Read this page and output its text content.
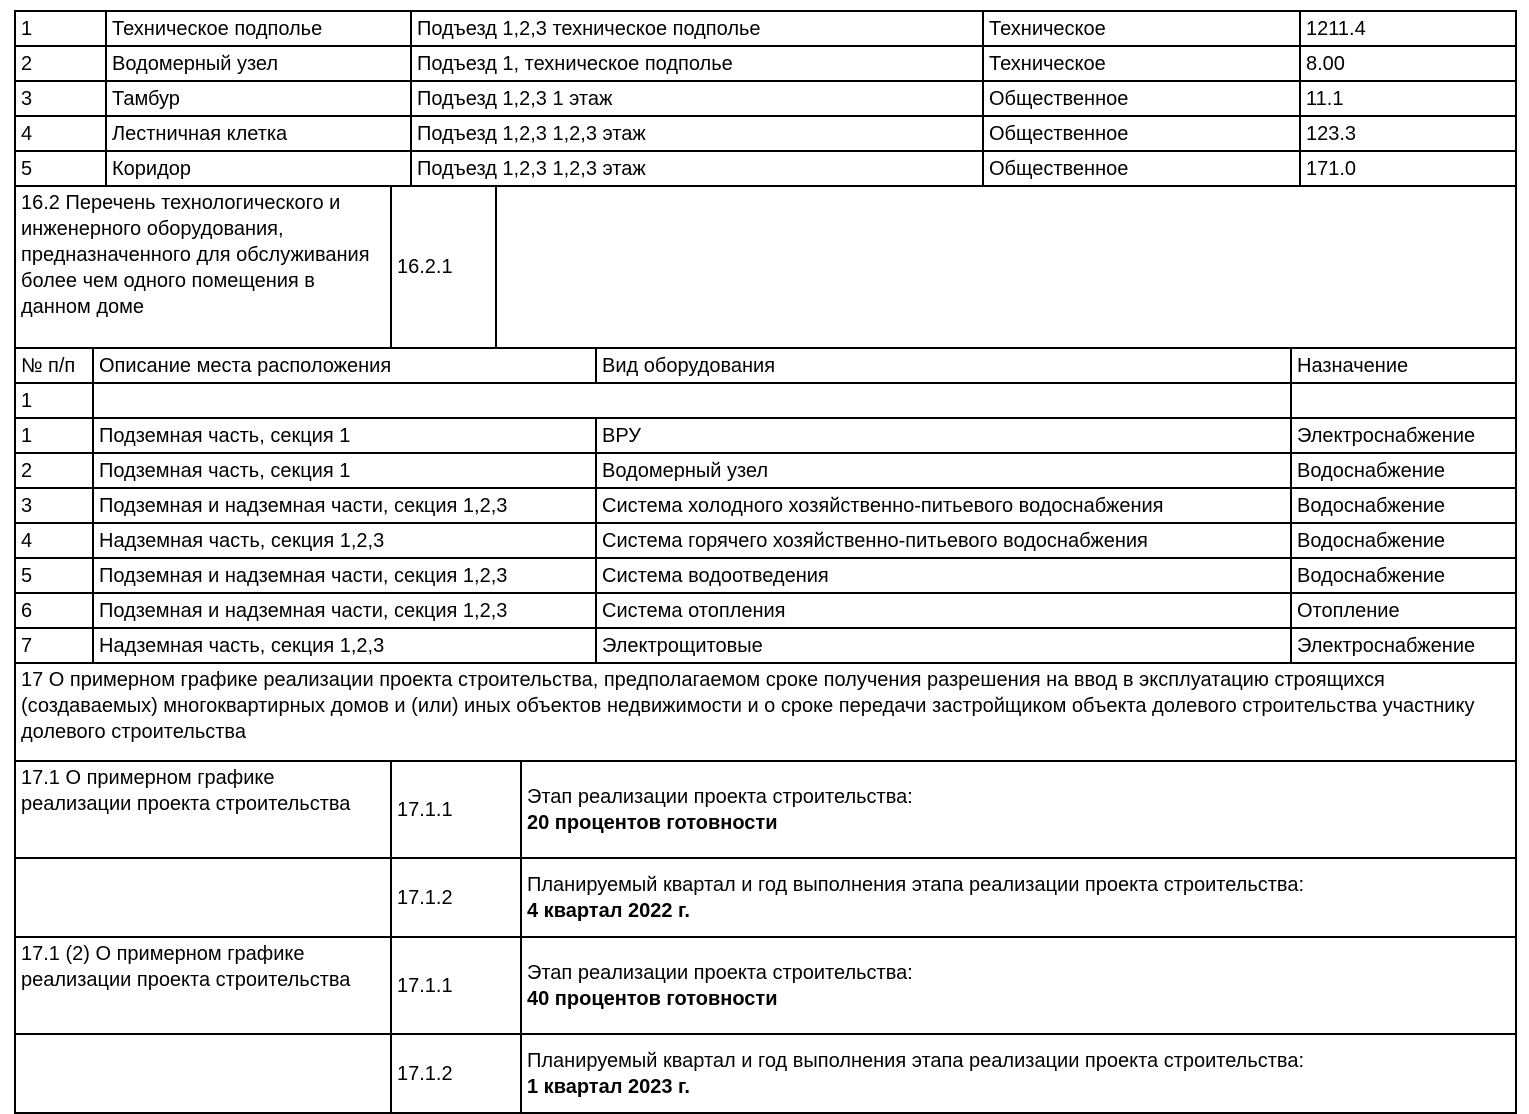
1	Техническое подполье	Подъезд 1,2,3 техническое подполье	Техническое	1211.4
2	Водомерный узел	Подъезд 1, техническое подполье	Техническое	8.00
3	Тамбур	Подъезд 1,2,3 1 этаж	Общественное	11.1
4	Лестничная клетка	Подъезд 1,2,3 1,2,3 этаж	Общественное	123.3
5	Коридор	Подъезд 1,2,3 1,2,3 этаж	Общественное	171.0
16.2 Перечень технологического и инженерного оборудования, предназначенного для обслуживания более чем одного помещения в данном доме	16.2.1	
№ п/п	Описание места расположения	Вид оборудования	Назначение
1			
1	Подземная часть, секция 1	ВРУ	Электроснабжение
2	Подземная часть, секция 1	Водомерный узел	Водоснабжение
3	Подземная и надземная части, секция 1,2,3	Система холодного хозяйственно-питьевого водоснабжения	Водоснабжение
4	Надземная часть, секция 1,2,3	Система горячего хозяйственно-питьевого водоснабжения	Водоснабжение
5	Подземная и надземная части, секция 1,2,3	Система водоотведения	Водоснабжение
6	Подземная и надземная части, секция 1,2,3	Система отопления	Отопление
7	Надземная часть, секция 1,2,3	Электрощитовые	Электроснабжение
17 О примерном графике реализации проекта строительства, предполагаемом сроке получения разрешения на ввод в эксплуатацию строящихся (создаваемых) многоквартирных домов и (или) иных объектов недвижимости и о сроке передачи застройщиком объекта долевого строительства участнику долевого строительства
17.1 О примерном графике реализации проекта строительства	17.1.1	Этап реализации проекта строительства:
20 процентов готовности

	17.1.2	Планируемый квартал и год выполнения этапа реализации проекта строительства:
4 квартал 2022 г.

17.1 (2) О примерном графике реализации проекта строительства	17.1.1	Этап реализации проекта строительства:
40 процентов готовности

	17.1.2	Планируемый квартал и год выполнения этапа реализации проекта строительства:
1 квартал 2023 г.
